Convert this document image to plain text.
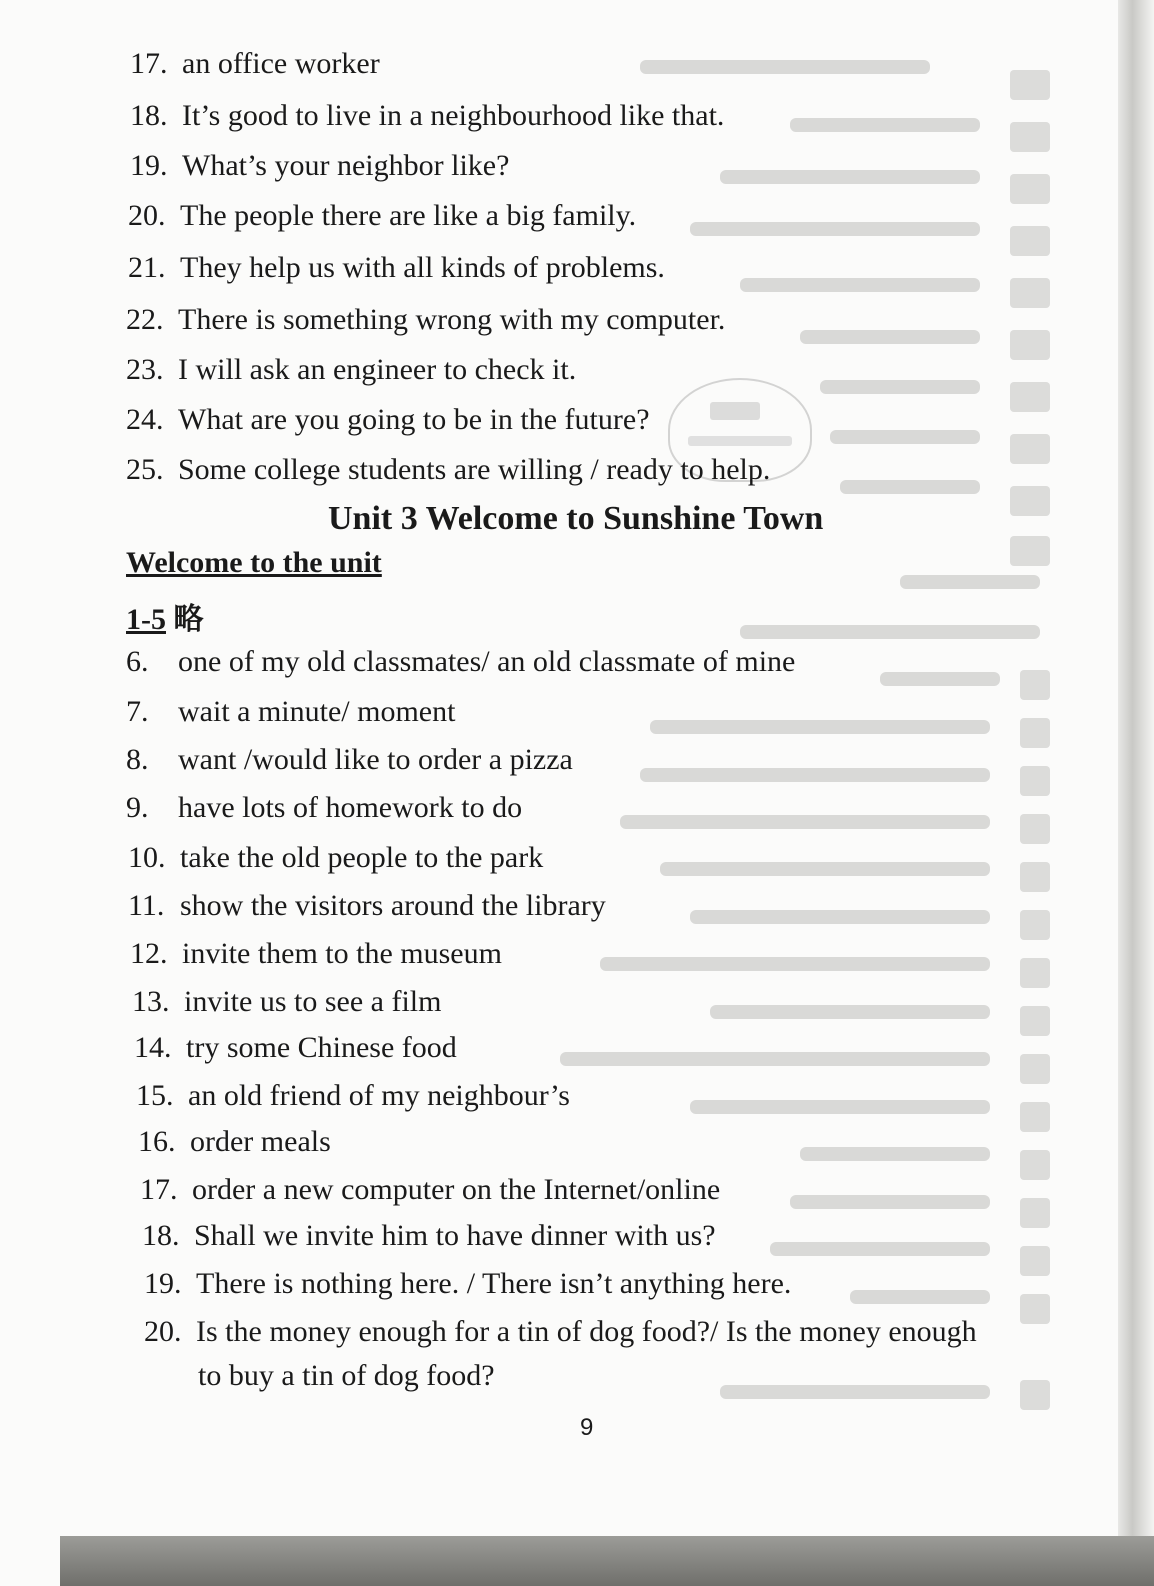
17. an office worker
18. It’s good to live in a neighbourhood like that.
19. What’s your neighbor like?
20. The people there are like a big family.
21. They help us with all kinds of problems.
22. There is something wrong with my computer.
23. I will ask an engineer to check it.
24. What are you going to be in the future?
25. Some college students are willing / ready to help.
Unit 3 Welcome to Sunshine Town
Welcome to the unit
1-5 略
6. one of my old classmates/ an old classmate of mine
7. wait a minute/ moment
8. want /would like to order a pizza
9. have lots of homework to do
10. take the old people to the park
11. show the visitors around the library
12. invite them to the museum
13. invite us to see a film
14. try some Chinese food
15. an old friend of my neighbour’s
16. order meals
17. order a new computer on the Internet/online
18. Shall we invite him to have dinner with us?
19. There is nothing here. / There isn’t anything here.
20. Is the money enough for a tin of dog food?/ Is the money enough
to buy a tin of dog food?
9
